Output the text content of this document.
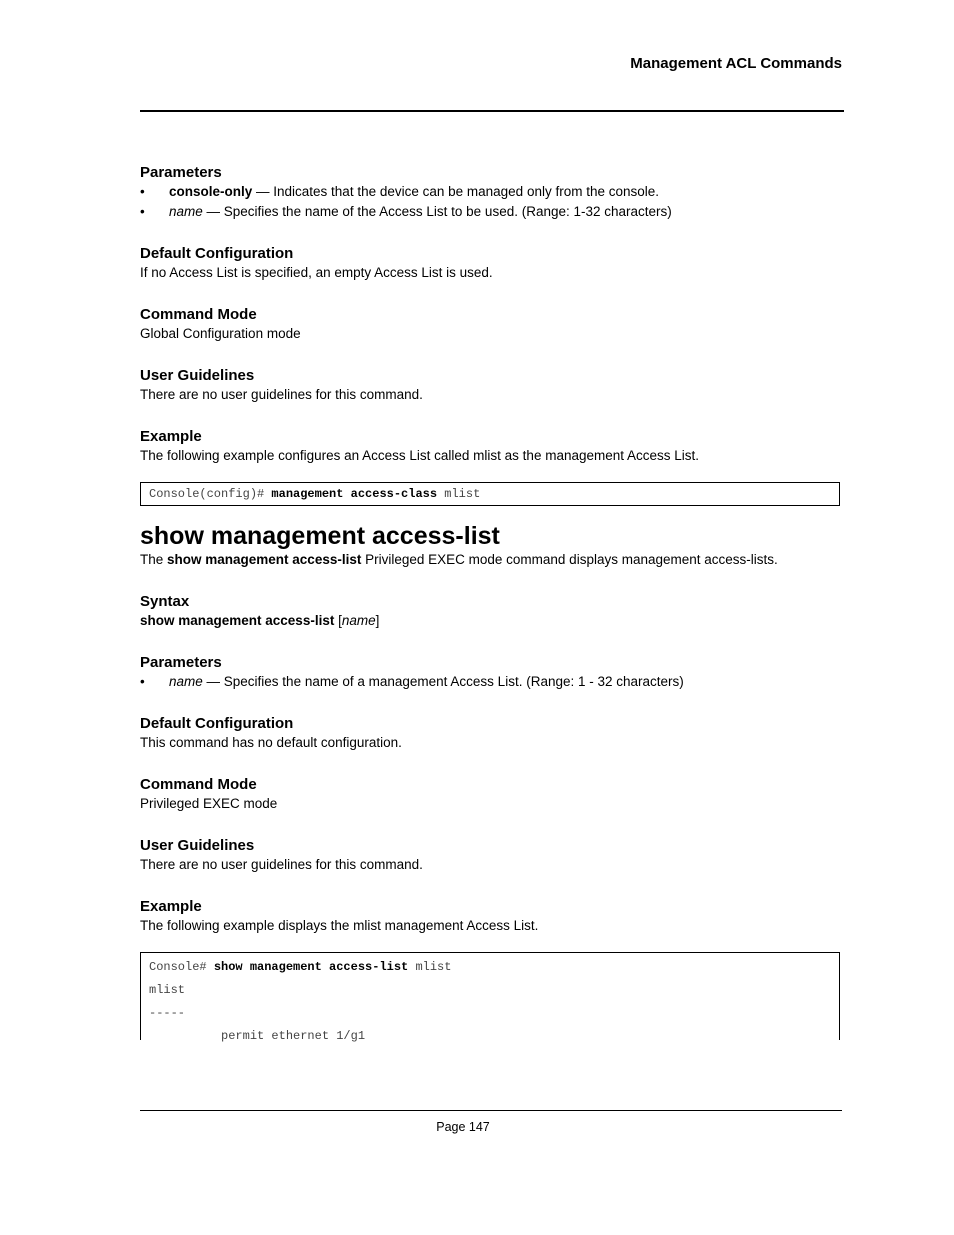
Management ACL Commands

Parameters

• console-only — Indicates that the device can be managed only from the console.
• name — Specifies the name of the Access List to be used. (Range: 1-32 characters)

Default Configuration

If no Access List is specified, an empty Access List is used.

Command Mode

Global Configuration mode

User Guidelines

There are no user guidelines for this command.

Example

The following example configures an Access List called mlist as the management Access List.

Console(config)# management access-class mlist

show management access-list

The show management access-list Privileged EXEC mode command displays management access-lists.

Syntax

show management access-list [name]

Parameters

• name — Specifies the name of a management Access List. (Range: 1 - 32 characters)

Default Configuration

This command has no default configuration.

Command Mode

Privileged EXEC mode

User Guidelines

There are no user guidelines for this command.

Example

The following example displays the mlist management Access List.

Console# show management access-list mlist
mlist
-----
permit ethernet 1/g1
Page 147
